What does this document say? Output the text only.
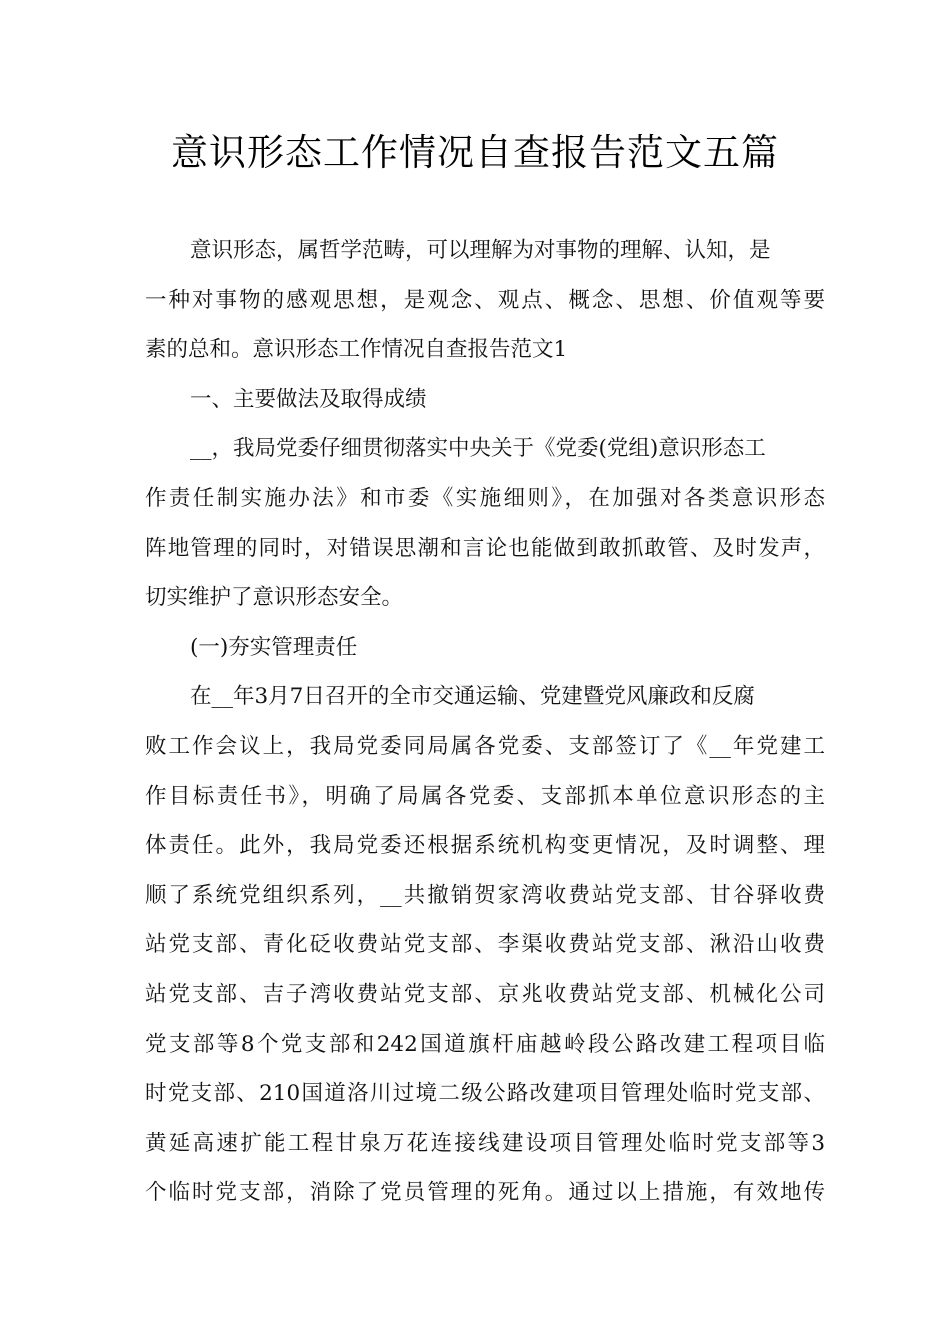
意识形态工作情况自查报告范文五篇
意识形态，属哲学范畴，可以理解为对事物的理解、认知，是
一种对事物的感观思想，是观念、观点、概念、思想、价值观等要
素的总和。意识形态工作情况自查报告范文1
一、主要做法及取得成绩
__，我局党委仔细贯彻落实中央关于《党委(党组)意识形态工
作责任制实施办法》和市委《实施细则》，在加强对各类意识形态
阵地管理的同时，对错误思潮和言论也能做到敢抓敢管、及时发声，
切实维护了意识形态安全。
(一)夯实管理责任
在__年3月7日召开的全市交通运输、党建暨党风廉政和反腐
败工作会议上，我局党委同局属各党委、支部签订了《__年党建工
作目标责任书》，明确了局属各党委、支部抓本单位意识形态的主
体责任。此外，我局党委还根据系统机构变更情况，及时调整、理
顺了系统党组织系列，__共撤销贺家湾收费站党支部、甘谷驿收费
站党支部、青化砭收费站党支部、李渠收费站党支部、湫沿山收费
站党支部、吉子湾收费站党支部、京兆收费站党支部、机械化公司
党支部等8个党支部和242国道旗杆庙越岭段公路改建工程项目临
时党支部、210国道洛川过境二级公路改建项目管理处临时党支部、
黄延高速扩能工程甘泉万花连接线建设项目管理处临时党支部等3
个临时党支部，消除了党员管理的死角。通过以上措施，有效地传
